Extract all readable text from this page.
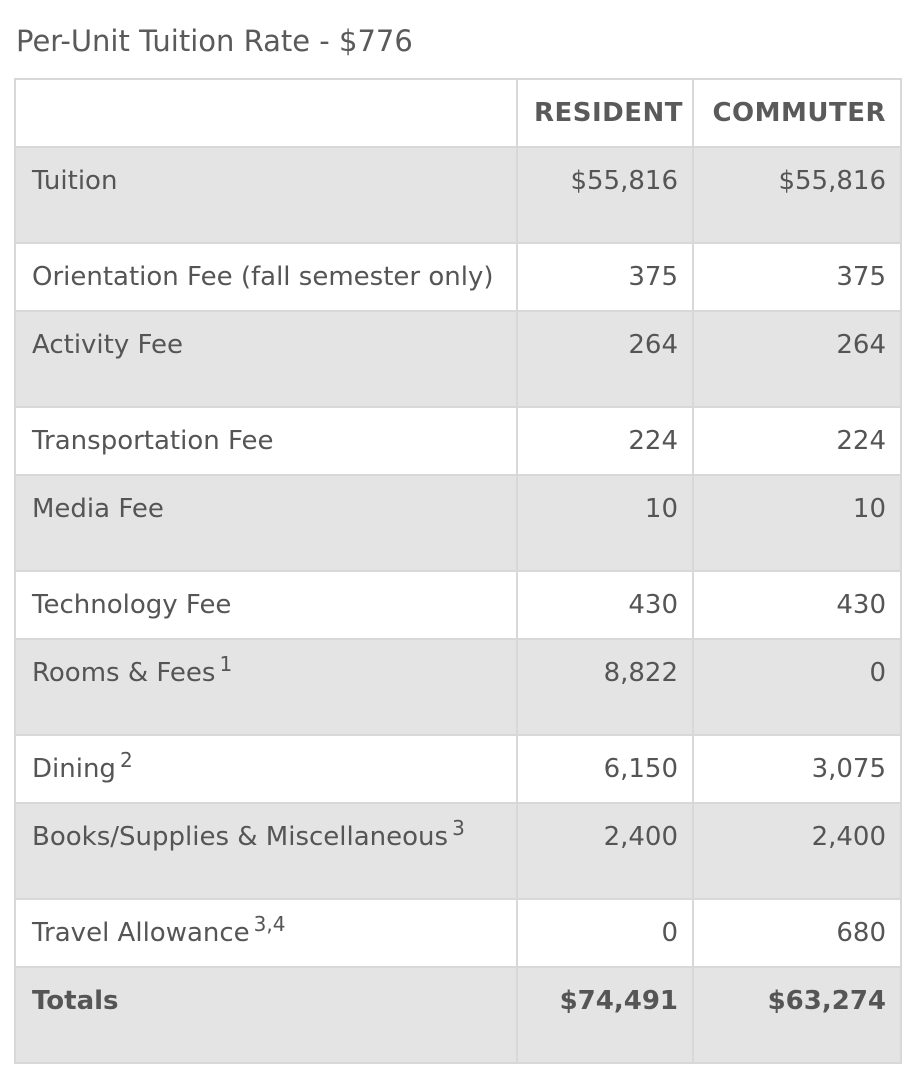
Per-Unit Tuition Rate - $776
	RESIDENT	COMMUTER
Tuition	$55,816	$55,816
Orientation Fee (fall semester only)	375	375
Activity Fee	264	264
Transportation Fee	224	224
Media Fee	10	10
Technology Fee	430	430
Rooms & Fees $^1$	8,822	0
Dining $^2$	6,150	3,075
Books/Supplies & Miscellaneous $^3$	2,400	2,400
Travel Allowance $^{3,4}$	0	680
Totals	$74,491	$63,274
